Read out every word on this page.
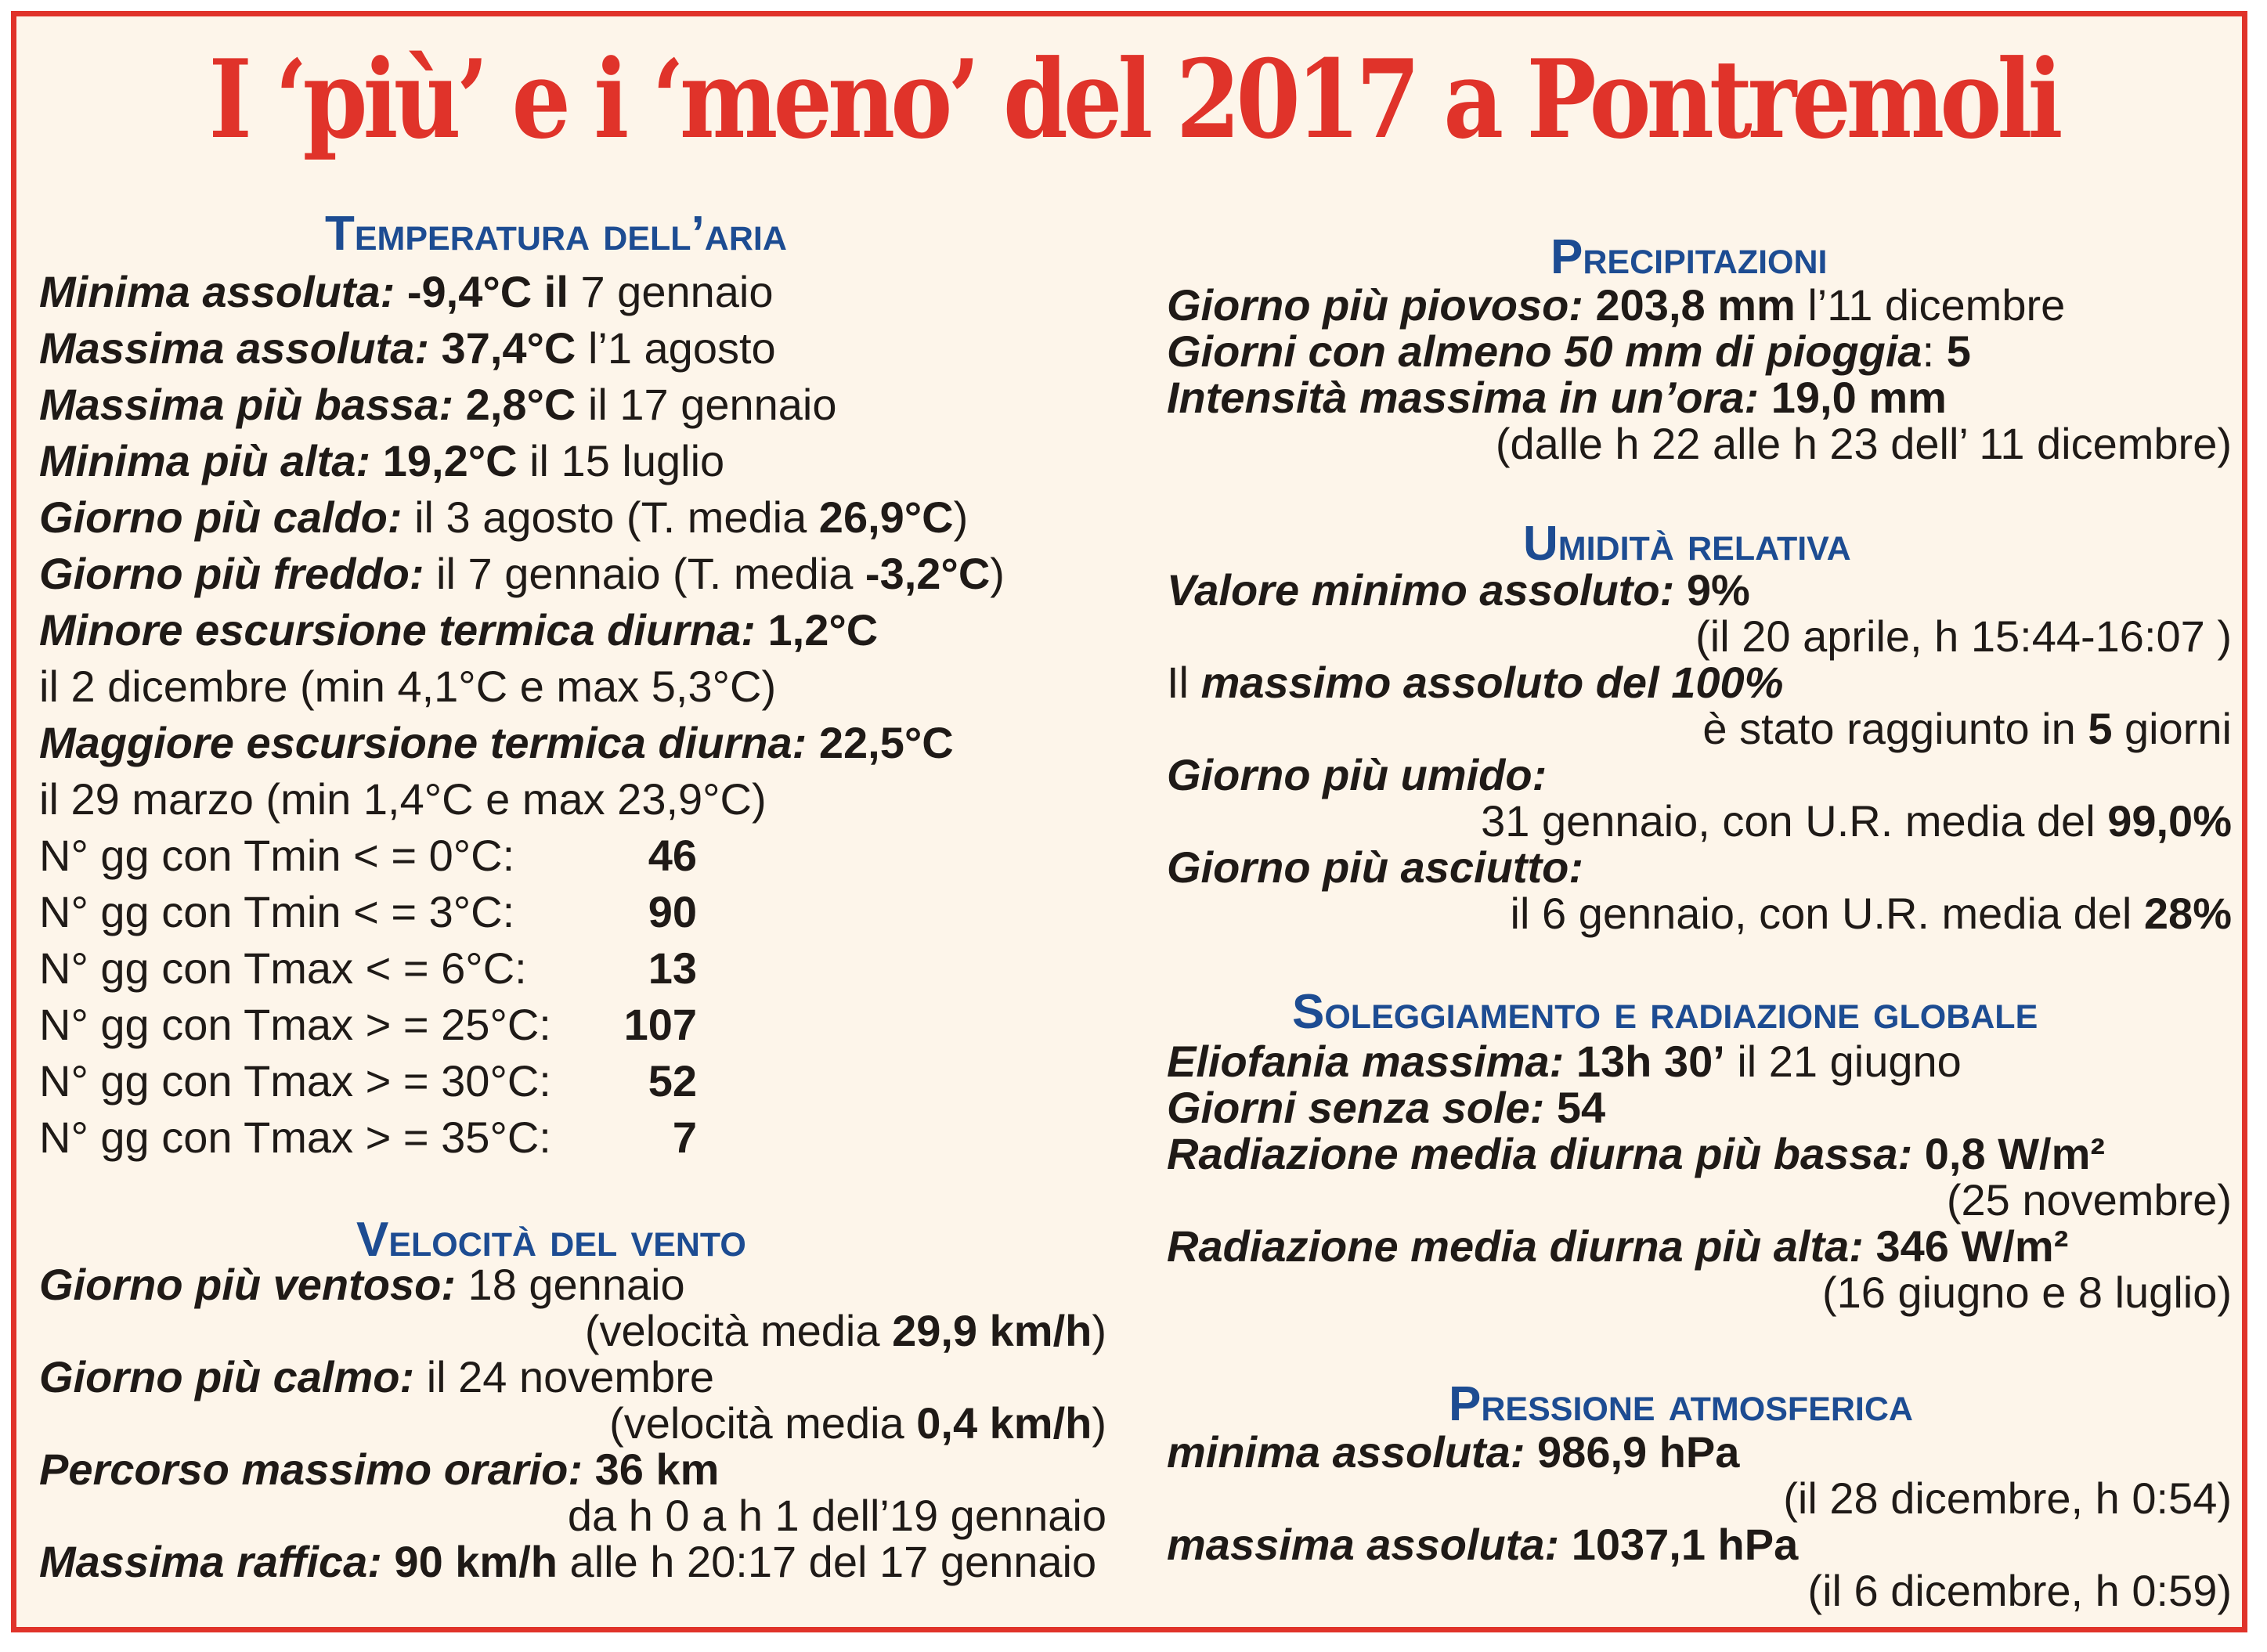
I ‘più’ e i ‘meno’ del 2017 a Pontremoli
Temperatura dell’aria
Minima assoluta: -9,4°C il 7 gennaio
Massima assoluta: 37,4°C l’1 agosto
Massima più bassa: 2,8°C il 17 gennaio
Minima più alta: 19,2°C il 15 luglio
Giorno più caldo: il 3 agosto (T. media 26,9°C)
Giorno più freddo: il 7 gennaio (T. media -3,2°C)
Minore escursione termica diurna: 1,2°C
il 2 dicembre (min 4,1°C e max 5,3°C)
Maggiore escursione termica diurna: 22,5°C
il 29 marzo (min 1,4°C e max 23,9°C)
N° gg con Tmin < = 0°C:	46
N° gg con Tmin < = 3°C:	90
N° gg con Tmax < = 6°C:	13
N° gg con Tmax > = 25°C:	107
N° gg con Tmax > = 30°C:	52
N° gg con Tmax > = 35°C:	7
Velocità del vento
Giorno più ventoso: 18 gennaio
(velocità media 29,9 km/h)
Giorno più calmo: il 24 novembre
(velocità media 0,4 km/h)
Percorso massimo orario: 36 km
da h 0 a h 1 dell’19 gennaio
Massima raffica: 90 km/h alle h 20:17 del 17 gennaio
Precipitazioni
Giorno più piovoso: 203,8 mm l’11 dicembre
Giorni con almeno 50 mm di pioggia: 5
Intensità massima in un’ora: 19,0 mm
(dalle h 22 alle h 23 dell’ 11 dicembre)
Umidità relativa
Valore minimo assoluto: 9%
(il 20 aprile, h 15:44-16:07 )
Il massimo assoluto del 100%
è stato raggiunto in 5 giorni
Giorno più umido:
31 gennaio, con U.R. media del 99,0%
Giorno più asciutto:
il 6 gennaio, con U.R. media del 28%
Soleggiamento e radiazione globale
Eliofania massima: 13h 30’ il 21 giugno
Giorni senza sole: 54
Radiazione media diurna più bassa: 0,8 W/m²
(25 novembre)
Radiazione media diurna più alta: 346 W/m²
(16 giugno e 8 luglio)
Pressione atmosferica
minima assoluta: 986,9 hPa
(il 28 dicembre, h 0:54)
massima assoluta: 1037,1 hPa
(il 6 dicembre, h 0:59)
